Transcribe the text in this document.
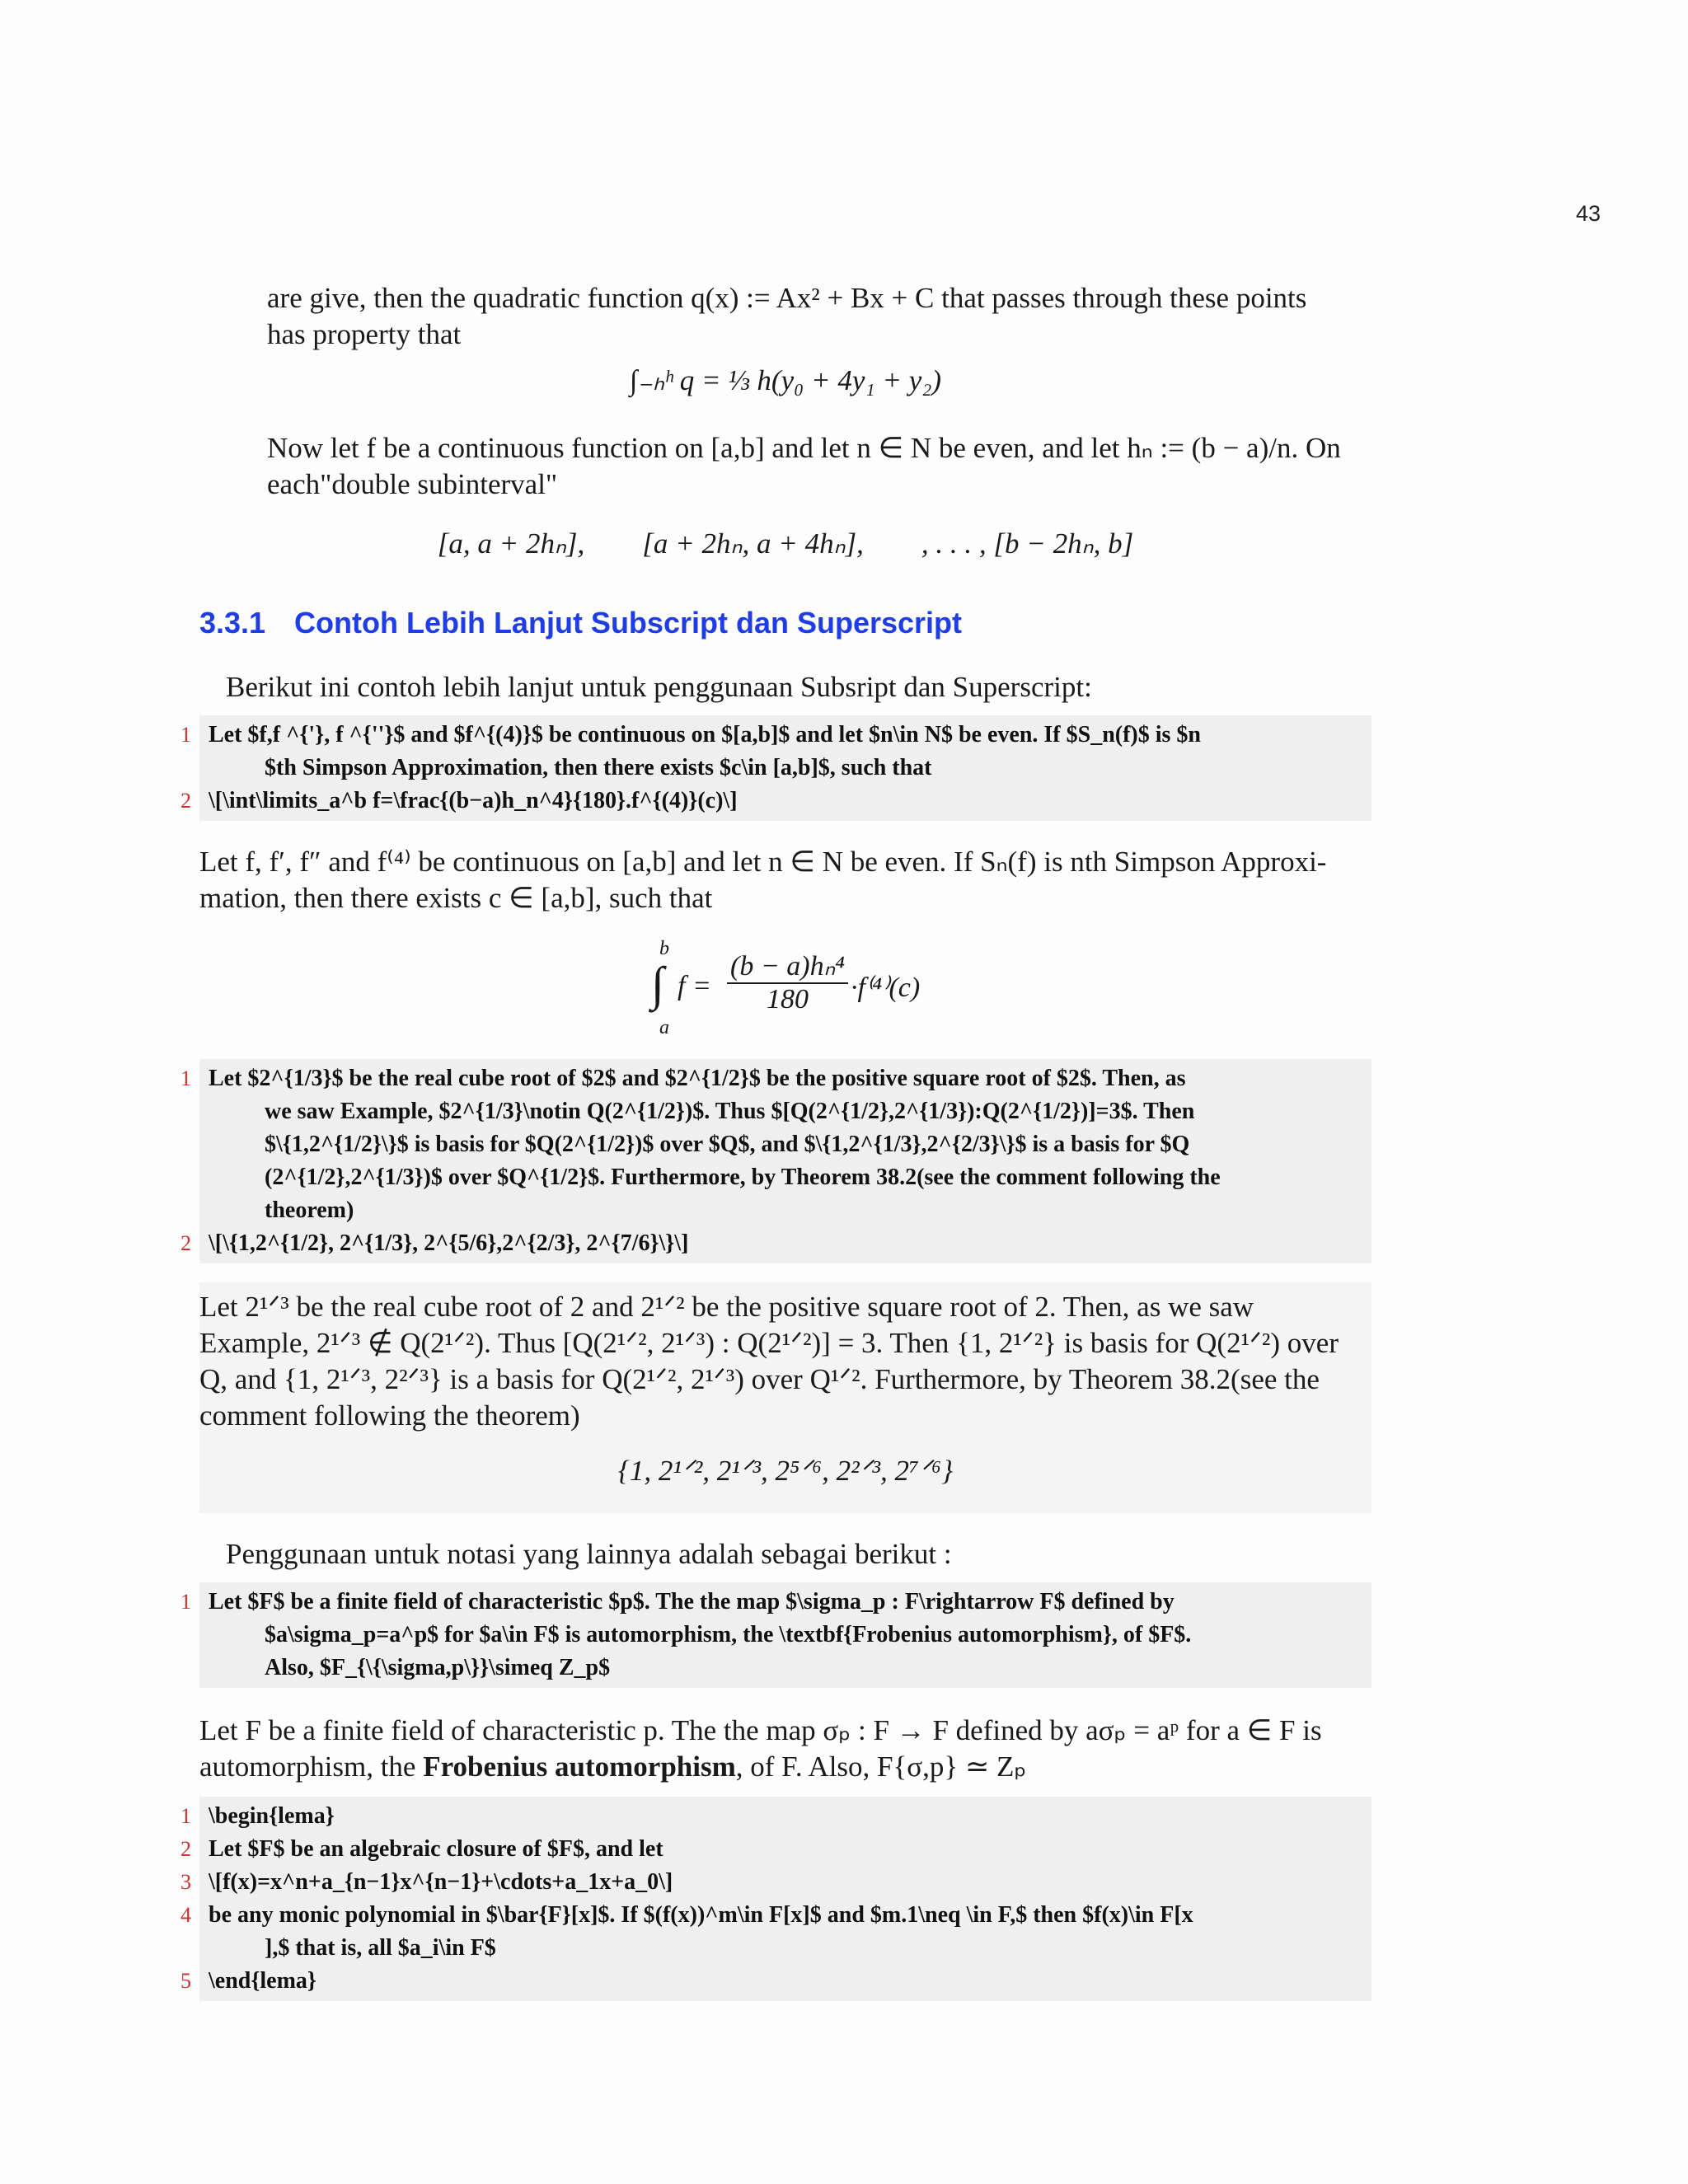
43

are give, then the quadratic function q(x) := Ax² + Bx + C that passes through these points

has property that

∫₋ₕʰ q = ⅓ h(y₀ + 4y₁ + y₂)

Now let f be a continuous function on [a,b] and let n ∈ N be even, and let hₙ := (b − a)/n. On

each"double subinterval"

[a, a + 2hₙ],        [a + 2hₙ, a + 4hₙ],        , . . . , [b − 2hₙ, b]
3.3.1 Contoh Lebih Lanjut Subscript dan Superscript

Berikut ini contoh lebih lanjut untuk penggunaan Subsript dan Superscript:

1 Let $f,f ^{'}, f ^{''}$ and $f^{(4)}$ be continuous on $[a,b]$ and let $n\in N$ be even. If $S_n(f)$ is $n
$th Simpson Approximation, then there exists $c\in [a,b]$, such that
2 \[\int\limits_a^b f=\frac{(b−a)h_n^4}{180}.f^{(4)}(c)\]

Let f, f′, f″ and f⁽⁴⁾ be continuous on [a,b] and let n ∈ N be even. If Sₙ(f) is nth Simpson Approxi-

mation, then there exists c ∈ [a,b], such that

b
∫
a
$f = \frac{\text{(b − a)hₙ⁴}}{180} \cdot f^{(4)}(c)$
1 Let $2^{1/3}$ be the real cube root of $2$ and $2^{1/2}$ be the positive square root of $2$. Then, as
we saw Example, $2^{1/3}\notin Q(2^{1/2})$. Thus $[Q(2^{1/2},2^{1/3}):Q(2^{1/2})]=3$. Then
$\{1,2^{1/2}\}$ is basis for $Q(2^{1/2})$ over $Q$, and $\{1,2^{1/3},2^{2/3}\}$ is a basis for $Q
(2^{1/2},2^{1/3})$ over $Q^{1/2}$. Furthermore, by Theorem 38.2(see the comment following the
theorem)
2 \[\{1,2^{1/2}, 2^{1/3}, 2^{5/6},2^{2/3}, 2^{7/6}\}\]

Let 2¹ᐟ³ be the real cube root of 2 and 2¹ᐟ² be the positive square root of 2. Then, as we saw

Example, 2¹ᐟ³ ∉ Q(2¹ᐟ²). Thus [Q(2¹ᐟ², 2¹ᐟ³) : Q(2¹ᐟ²)] = 3. Then {1, 2¹ᐟ²} is basis for Q(2¹ᐟ²) over

Q, and {1, 2¹ᐟ³, 2²ᐟ³} is a basis for Q(2¹ᐟ², 2¹ᐟ³) over Q¹ᐟ². Furthermore, by Theorem 38.2(see the

comment following the theorem)

{1, 2¹ᐟ², 2¹ᐟ³, 2⁵ᐟ⁶, 2²ᐟ³, 2⁷ᐟ⁶}

Penggunaan untuk notasi yang lainnya adalah sebagai berikut :

1 Let $F$ be a finite field of characteristic $p$. The the map $\sigma_p : F\rightarrow F$ defined by
$a\sigma_p=a^p$ for $a\in F$ is automorphism, the \textbf{Frobenius automorphism}, of $F$.
Also, $F_{\{\sigma,p\}}\simeq Z_p$

Let F be a finite field of characteristic p. The the map σₚ : F → F defined by aσₚ = aᵖ for a ∈ F is

automorphism, the Frobenius automorphism, of F. Also, F{σ,p} ≃ Zₚ

1 \begin{lema}
2 Let $F$ be an algebraic closure of $F$, and let
3 \[f(x)=x^n+a_{n−1}x^{n−1}+\cdots+a_1x+a_0\]
4 be any monic polynomial in $\bar{F}[x]$. If $(f(x))^m\in F[x]$ and $m.1\neq \in F,$ then $f(x)\in F[x
],$ that is, all $a_i\in F$
5 \end{lema}
